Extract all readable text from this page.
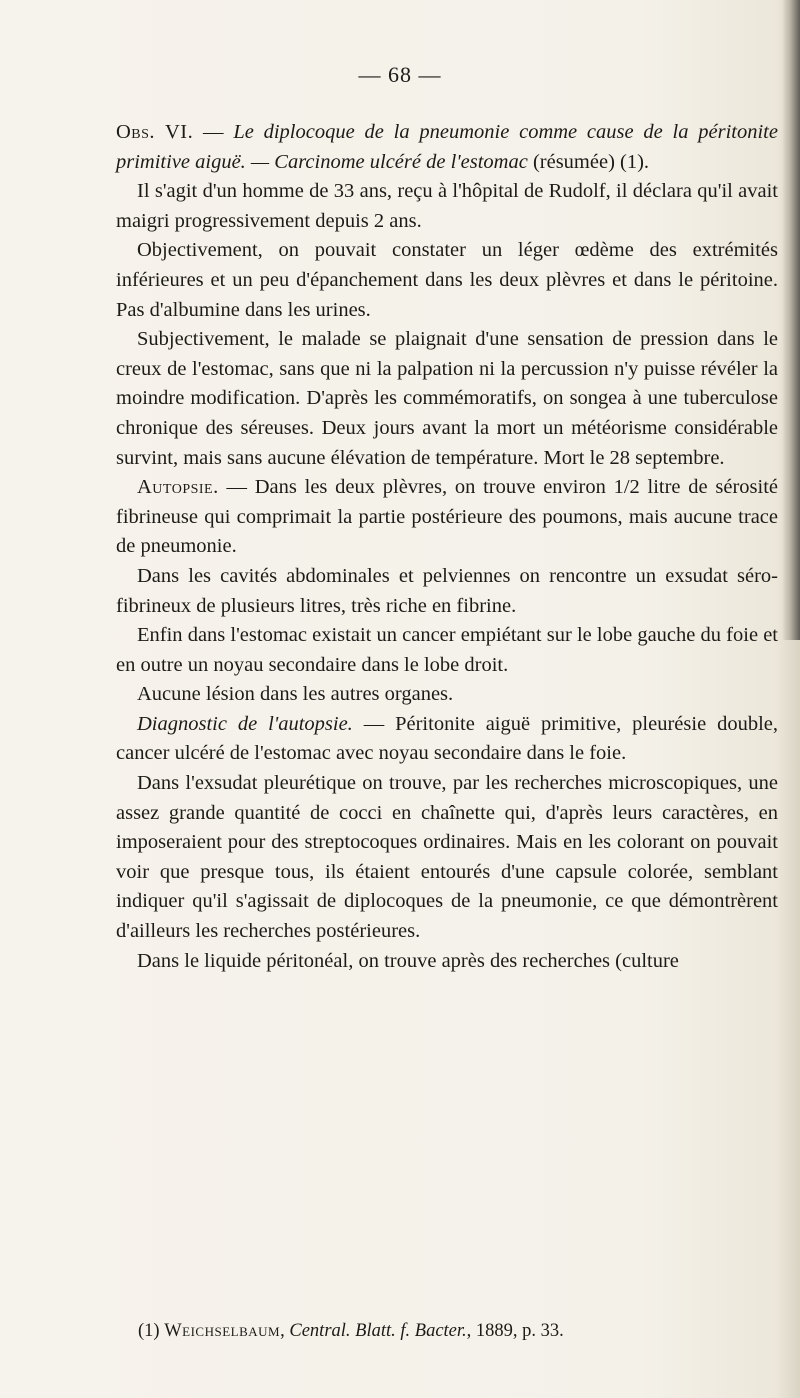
— 68 —

Obs. VI. — Le diplocoque de la pneumonie comme cause de la péritonite primitive aiguë. — Carcinome ulcéré de l'estomac (résumée) (1).

Il s'agit d'un homme de 33 ans, reçu à l'hôpital de Rudolf, il déclara qu'il avait maigri progressivement depuis 2 ans.

Objectivement, on pouvait constater un léger œdème des extrémités inférieures et un peu d'épanchement dans les deux plèvres et dans le péritoine. Pas d'albumine dans les urines.

Subjectivement, le malade se plaignait d'une sensation de pression dans le creux de l'estomac, sans que ni la palpation ni la percussion n'y puisse révéler la moindre modification. D'après les commémoratifs, on songea à une tuberculose chronique des séreuses. Deux jours avant la mort un météorisme considérable survint, mais sans aucune élévation de température. Mort le 28 septembre.

Autopsie. — Dans les deux plèvres, on trouve environ 1/2 litre de sérosité fibrineuse qui comprimait la partie postérieure des poumons, mais aucune trace de pneumonie.

Dans les cavités abdominales et pelviennes on rencontre un exsudat séro-fibrineux de plusieurs litres, très riche en fibrine.

Enfin dans l'estomac existait un cancer empiétant sur le lobe gauche du foie et en outre un noyau secondaire dans le lobe droit.

Aucune lésion dans les autres organes.

Diagnostic de l'autopsie. — Péritonite aiguë primitive, pleurésie double, cancer ulcéré de l'estomac avec noyau secondaire dans le foie.

Dans l'exsudat pleurétique on trouve, par les recherches microscopiques, une assez grande quantité de cocci en chaînette qui, d'après leurs caractères, en imposeraient pour des streptocoques ordinaires. Mais en les colorant on pouvait voir que presque tous, ils étaient entourés d'une capsule colorée, semblant indiquer qu'il s'agissait de diplocoques de la pneumonie, ce que démontrèrent d'ailleurs les recherches postérieures.

Dans le liquide péritonéal, on trouve après des recherches (culture

(1) Weichselbaum, Central. Blatt. f. Bacter., 1889, p. 33.
